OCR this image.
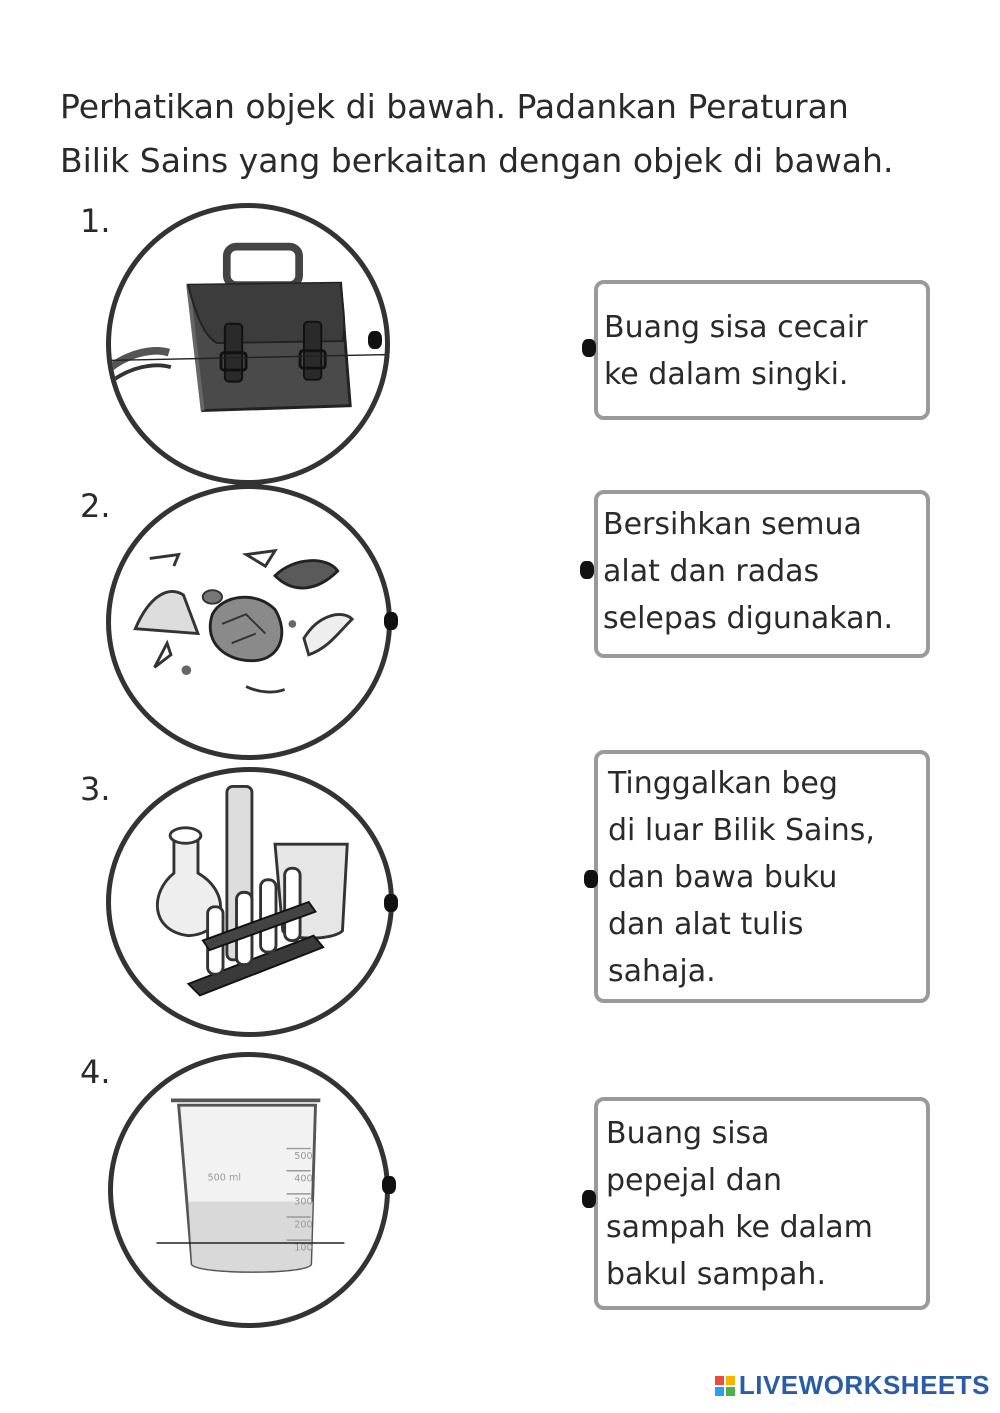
Perhatikan objek di bawah. Padankan Peraturan
Bilik Sains yang berkaitan dengan objek di bawah.
1.
2.
3.
4.
500
400
300
200
100
500 ml
Buang sisa cecair
ke dalam singki.
Bersihkan semua
alat dan radas
selepas digunakan.
Tinggalkan beg
di luar Bilik Sains,
dan bawa buku
dan alat tulis
sahaja.
Buang sisa
pepejal dan
sampah ke dalam
bakul sampah.
LIVEWORKSHEETS
